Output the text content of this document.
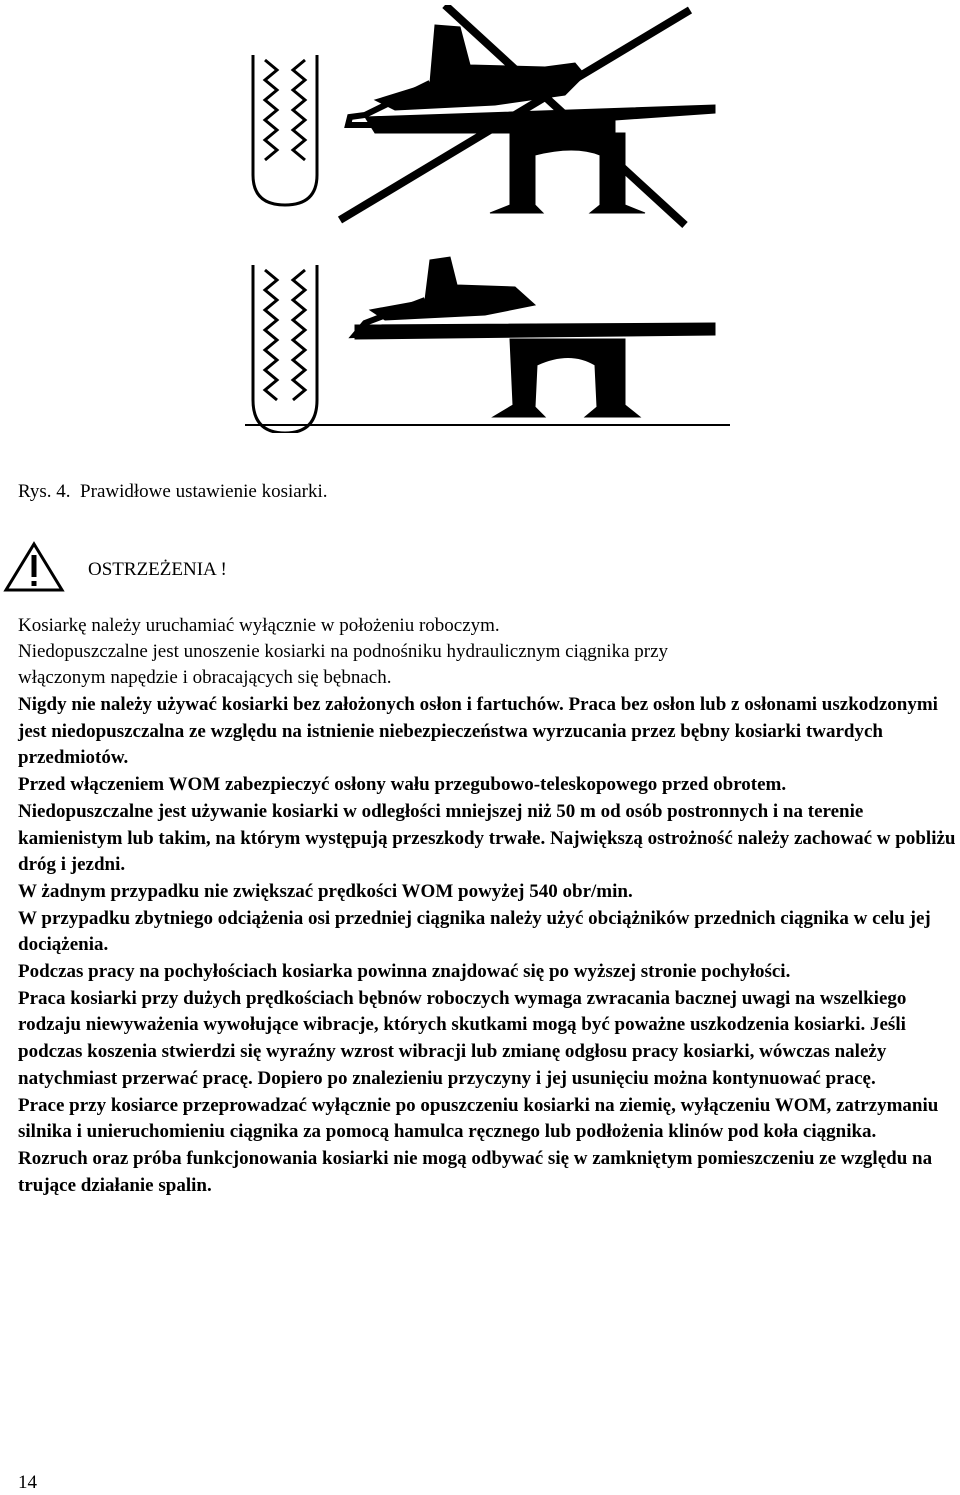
Rys. 4.  Prawidłowe ustawienie kosiarki.
OSTRZEŻENIA !

Kosiarkę należy uruchamiać wyłącznie w położeniu roboczym.

Niedopuszczalne jest unoszenie kosiarki na podnośniku hydraulicznym ciągnika przy

włączonym napędzie i obracających się bębnach.

Nigdy nie należy używać kosiarki bez założonych osłon i fartuchów. Praca bez osłon lub z osłonami uszkodzonymi jest niedopuszczalna ze względu na istnienie niebezpieczeństwa wyrzucania przez bębny kosiarki twardych przedmiotów.

Przed włączeniem WOM zabezpieczyć osłony wału przegubowo-teleskopowego przed obrotem.

Niedopuszczalne jest używanie kosiarki w odległości mniejszej niż 50 m od osób postronnych i na terenie kamienistym lub takim, na którym występują przeszkody trwałe. Największą ostrożność należy zachować w pobliżu dróg i jezdni.

W żadnym przypadku nie zwiększać prędkości WOM powyżej 540 obr/min.

W przypadku zbytniego odciążenia osi przedniej ciągnika należy użyć obciążników przednich ciągnika w celu jej dociążenia.

Podczas pracy na pochyłościach kosiarka powinna znajdować się po wyższej stronie pochyłości.

Praca kosiarki przy dużych prędkościach bębnów roboczych wymaga zwracania bacznej uwagi na wszelkiego rodzaju niewyważenia wywołujące wibracje, których skutkami mogą być poważne uszkodzenia kosiarki. Jeśli podczas koszenia stwierdzi się wyraźny wzrost wibracji lub zmianę odgłosu pracy kosiarki, wówczas należy natychmiast przerwać pracę. Dopiero po znalezieniu przyczyny i jej usunięciu można kontynuować pracę.

Prace przy kosiarce przeprowadzać wyłącznie po opuszczeniu kosiarki na ziemię, wyłączeniu WOM, zatrzymaniu silnika i unieruchomieniu ciągnika za pomocą hamulca ręcznego lub podłożenia klinów pod koła ciągnika.

Rozruch oraz próba funkcjonowania kosiarki nie mogą odbywać się w zamkniętym pomieszczeniu ze względu na trujące działanie spalin.

14
